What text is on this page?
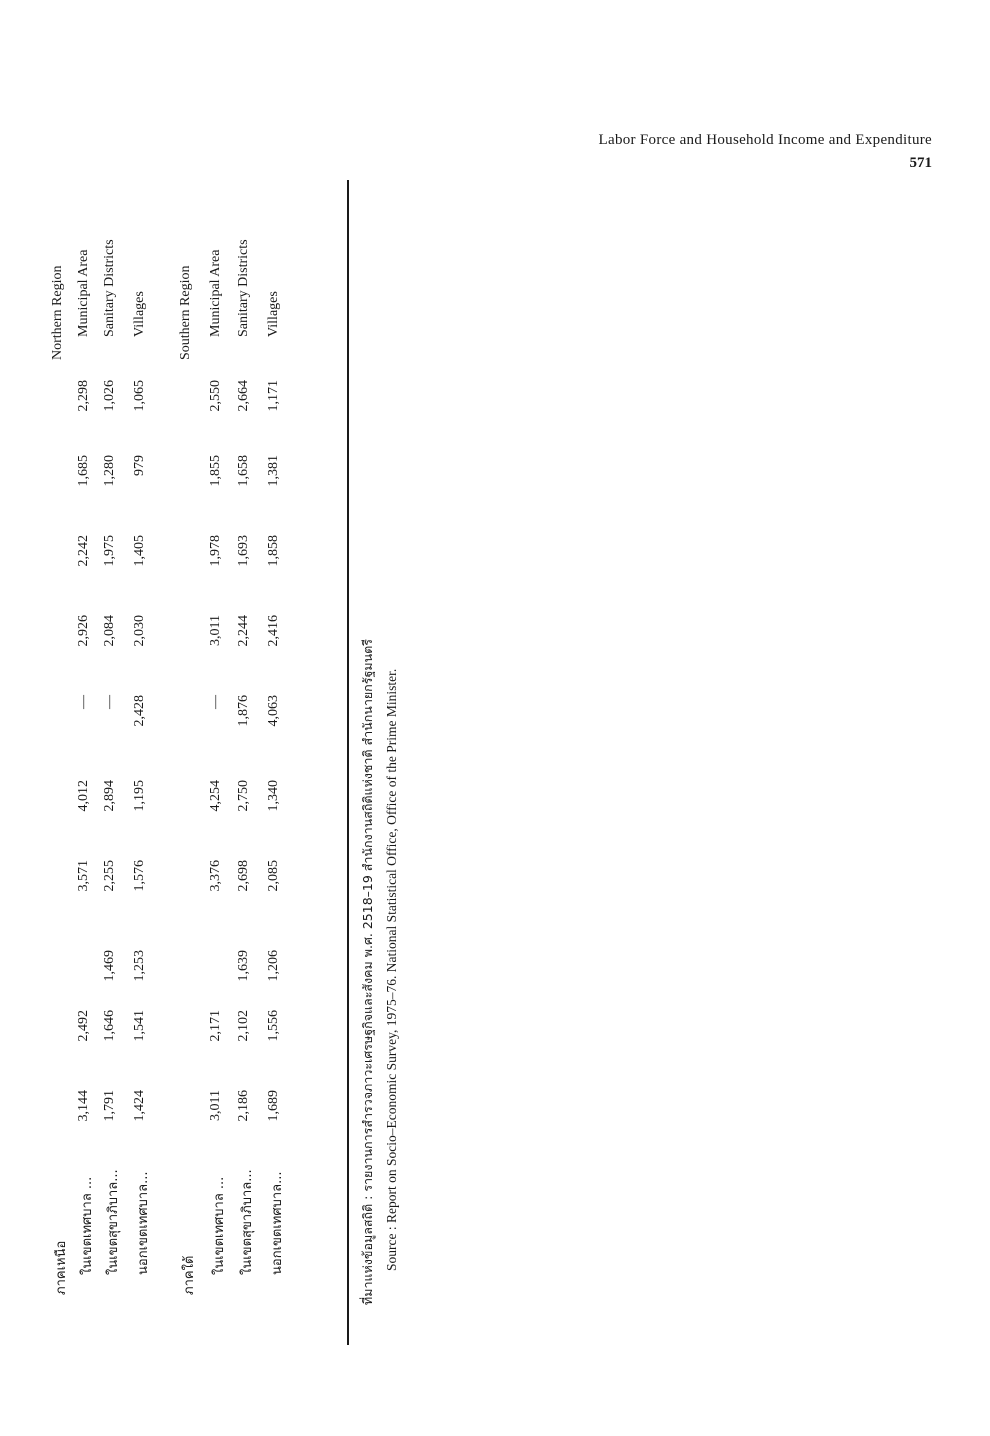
Labor Force and Household Income and Expenditure
571
ที่มาแห่งข้อมูลสถิติ : รายงานการสำรวจภาวะเศรษฐกิจและสังคม พ.ศ. 2518–19 สำนักงานสถิติแห่งชาติ สำนักนายกรัฐมนตรี Source : Report on Socio–Economic Survey, 1975–76. National Statistical Office, Office of the Prime Minister.
ภาคเหนือ
Northern Region
ในเขตเทศบาล ...
3,144
2,492
3,571
4,012
—
2,926
2,242
1,685
2,298
Municipal Area
ในเขตสุขาภิบาล...
1,791
1,646
1,469
2,255
2,894
—
2,084
1,975
1,280
1,026
Sanitary Districts
นอกเขตเทศบาล...
1,424
1,541
1,253
1,576
1,195
2,428
2,030
1,405
979
1,065
Villages
ภาคใต้
Southern Region
ในเขตเทศบาล ...
3,011
2,171
3,376
4,254
—
3,011
1,978
1,855
2,550
Municipal Area
ในเขตสุขาภิบาล...
2,186
2,102
1,639
2,698
2,750
1,876
2,244
1,693
1,658
2,664
Sanitary Districts
นอกเขตเทศบาล...
1,689
1,556
1,206
2,085
1,340
4,063
2,416
1,858
1,381
1,171
Villages
